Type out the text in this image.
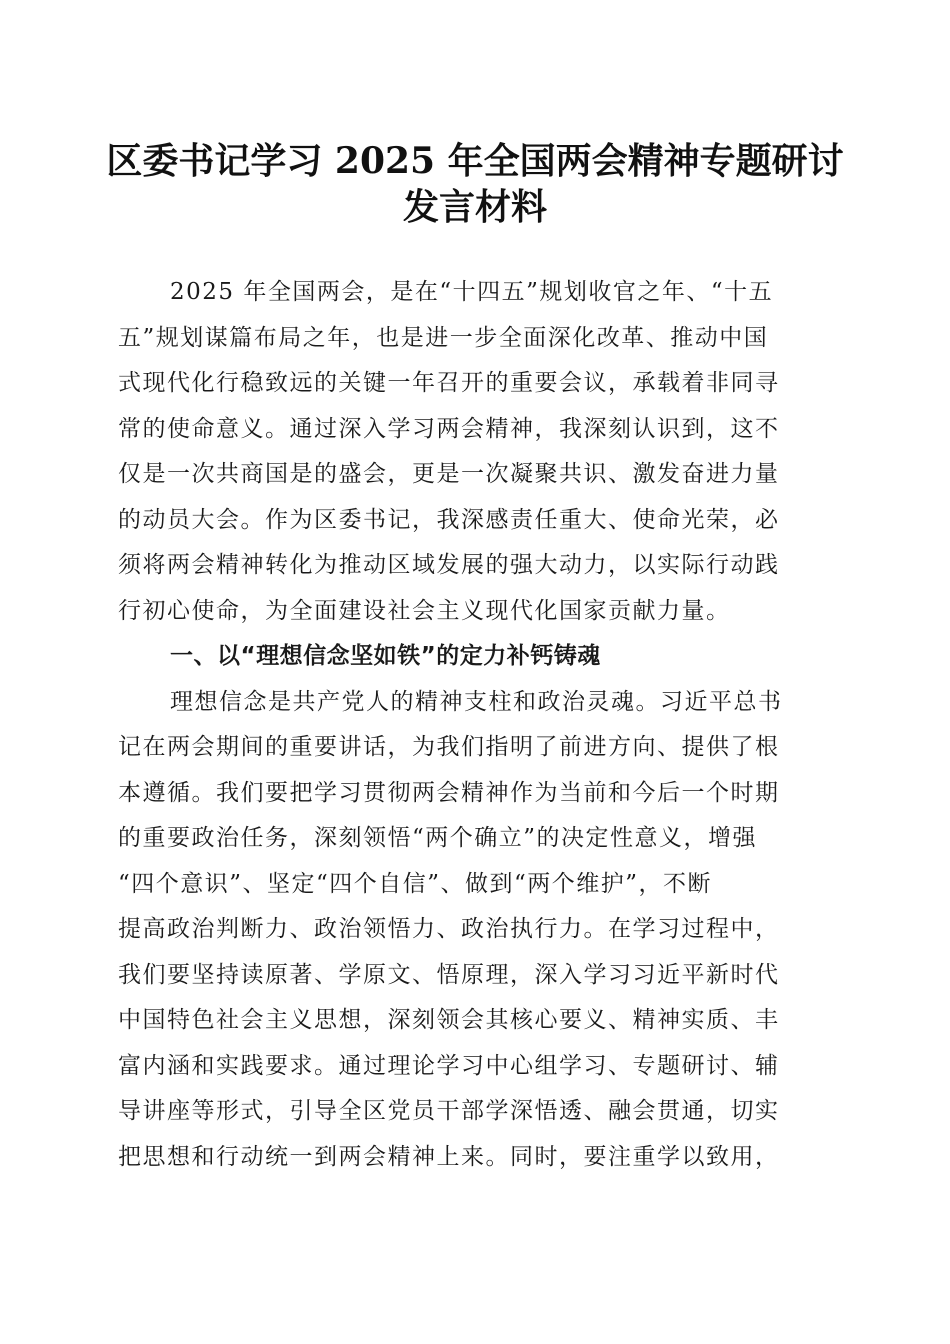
区委书记学习 2025 年全国两会精神专题研讨
发言材料
2025 年全国两会，是在“十四五”规划收官之年、“十五
五”规划谋篇布局之年，也是进一步全面深化改革、推动中国
式现代化行稳致远的关键一年召开的重要会议，承载着非同寻
常的使命意义。通过深入学习两会精神，我深刻认识到，这不
仅是一次共商国是的盛会，更是一次凝聚共识、激发奋进力量
的动员大会。作为区委书记，我深感责任重大、使命光荣，必
须将两会精神转化为推动区域发展的强大动力，以实际行动践
行初心使命，为全面建设社会主义现代化国家贡献力量。
一、以“理想信念坚如铁”的定力补钙铸魂
理想信念是共产党人的精神支柱和政治灵魂。习近平总书
记在两会期间的重要讲话，为我们指明了前进方向、提供了根
本遵循。我们要把学习贯彻两会精神作为当前和今后一个时期
的重要政治任务，深刻领悟“两个确立”的决定性意义，增强
“四个意识”、坚定“四个自信”、做到“两个维护”，不断
提高政治判断力、政治领悟力、政治执行力。在学习过程中，
我们要坚持读原著、学原文、悟原理，深入学习习近平新时代
中国特色社会主义思想，深刻领会其核心要义、精神实质、丰
富内涵和实践要求。通过理论学习中心组学习、专题研讨、辅
导讲座等形式，引导全区党员干部学深悟透、融会贯通，切实
把思想和行动统一到两会精神上来。同时，要注重学以致用，
